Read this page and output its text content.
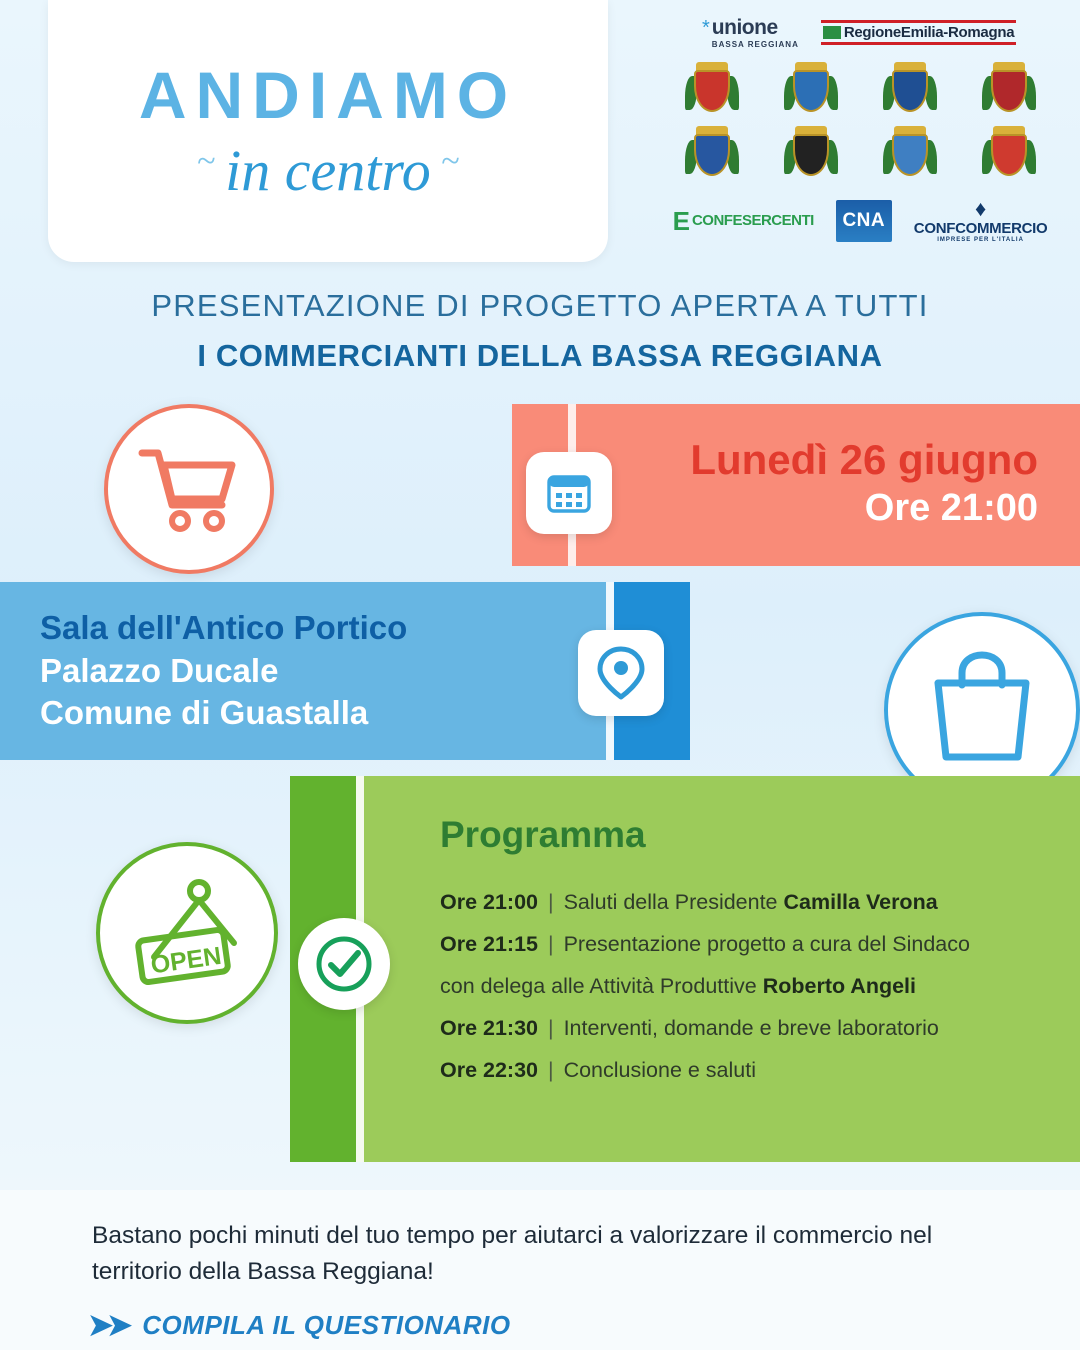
ANDIAMO
~ in centro ~
* unione
BASSA REGGIANA
RegioneEmilia-Romagna
E CONFESERCENTI	CNA	♦
CONFCOMMERCIO
IMPRESE PER L'ITALIA
PRESENTAZIONE DI PROGETTO APERTA A TUTTI
I COMMERCIANTI DELLA BASSA REGGIANA
Lunedì 26 giugno
Ore 21:00
Sala dell'Antico Portico
Palazzo Ducale
Comune di Guastalla
Programma
Ore 21:00 | Saluti della Presidente Camilla Verona
Ore 21:15 | Presentazione progetto a cura del Sindaco
con delega alle Attività Produttive Roberto Angeli
Ore 21:30 | Interventi, domande e breve laboratorio
Ore 22:30 | Conclusione e saluti
OPEN
Bastano pochi minuti del tuo tempo per aiutarci a valorizzare il commercio nel territorio della Bassa Reggiana!
➤➤ COMPILA IL QUESTIONARIO
